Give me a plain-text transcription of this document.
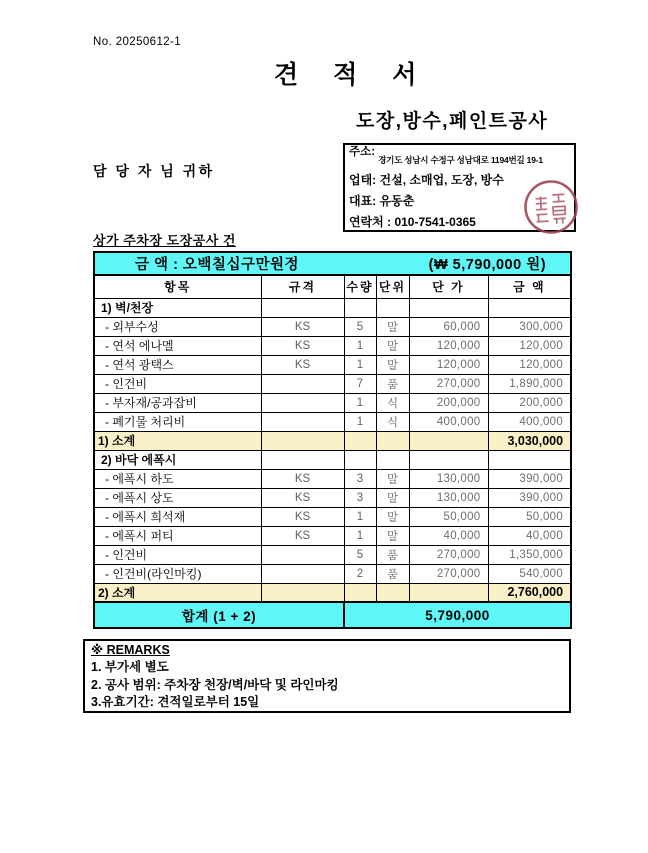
No. 20250612-1
견 적 서
도장,방수,페인트공사
담 당 자 님 귀하
주소:
경기도 성남시 수정구 성남대로 1194번길 19-1
업태:
건설, 소매업, 도장, 방수
대표:
유동춘
연락처 :
010-7541-0365
상가 주차장 도장공사 건
금 액 : 오백칠십구만원정 (₩ 5,790,000 원)					

항목	규격	수량	단위	단 가	금 액
1) 벽/천장					
- 외부수성	KS	5	말	60,000	300,000
- 연석 에나멜	KS	1	말	120,000	120,000
- 연석 광택스	KS	1	말	120,000	120,000
- 인건비		7	품	270,000	1,890,000
- 부자재/공과잡비		1	식	200,000	200,000
- 폐기물 처리비		1	식	400,000	400,000
1) 소계					3,030,000
2) 바닥 에폭시					
- 에폭시 하도	KS	3	말	130,000	390,000
- 에폭시 상도	KS	3	말	130,000	390,000
- 에폭시 희석재	KS	1	말	50,000	50,000
- 에폭시 퍼티	KS	1	말	40,000	40,000
- 인건비		5	품	270,000	1,350,000
- 인건비(라인마킹)		2	품	270,000	540,000
2) 소계					2,760,000
합계 (1 + 2)		5,790,000			
※ REMARKS
1. 부가세 별도
2. 공사 범위: 주차장 천장/벽/바닥 및 라인마킹
3.유효기간: 견적일로부터 15일
